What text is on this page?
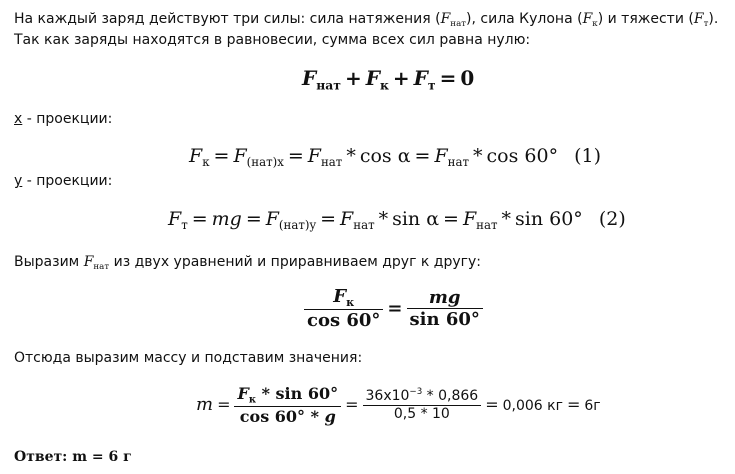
На каждый заряд действуют три силы: сила натяжения $(F_{нат})$, сила Кулона $(F_к)$ и тяжести $(F_т)$.
Так как заряды находятся в равновесии, сумма всех сил равна нулю:
$F_{нат} + F_к + F_т = 0$
x - проекции:
$F_к = F_{(нат)x} = F_{нат} * \cos \alpha = F_{нат} * \cos 60^\circ$ (1)
y - проекции:
$F_т$ = mg = $F_{(нат)y} = F_{нат} * \sin \alpha = F_{нат} * \sin 60^\circ$ (2)
Выразим $F_{нат}$ из двух уравнений и приравниваем друг к другу:
$\frac{F_к}{\cos 60^\circ} = \frac{mg}{\sin 60^\circ}$
Отсюда выразим массу и подставим значения:
$m = \frac{F_к * \sin 60^\circ}{\cos 60^\circ * g} = \frac{36x10^{-3} * 0,866}{0,5 * 10} = 0,006$ кг = 6г
Ответ: m = 6 г
